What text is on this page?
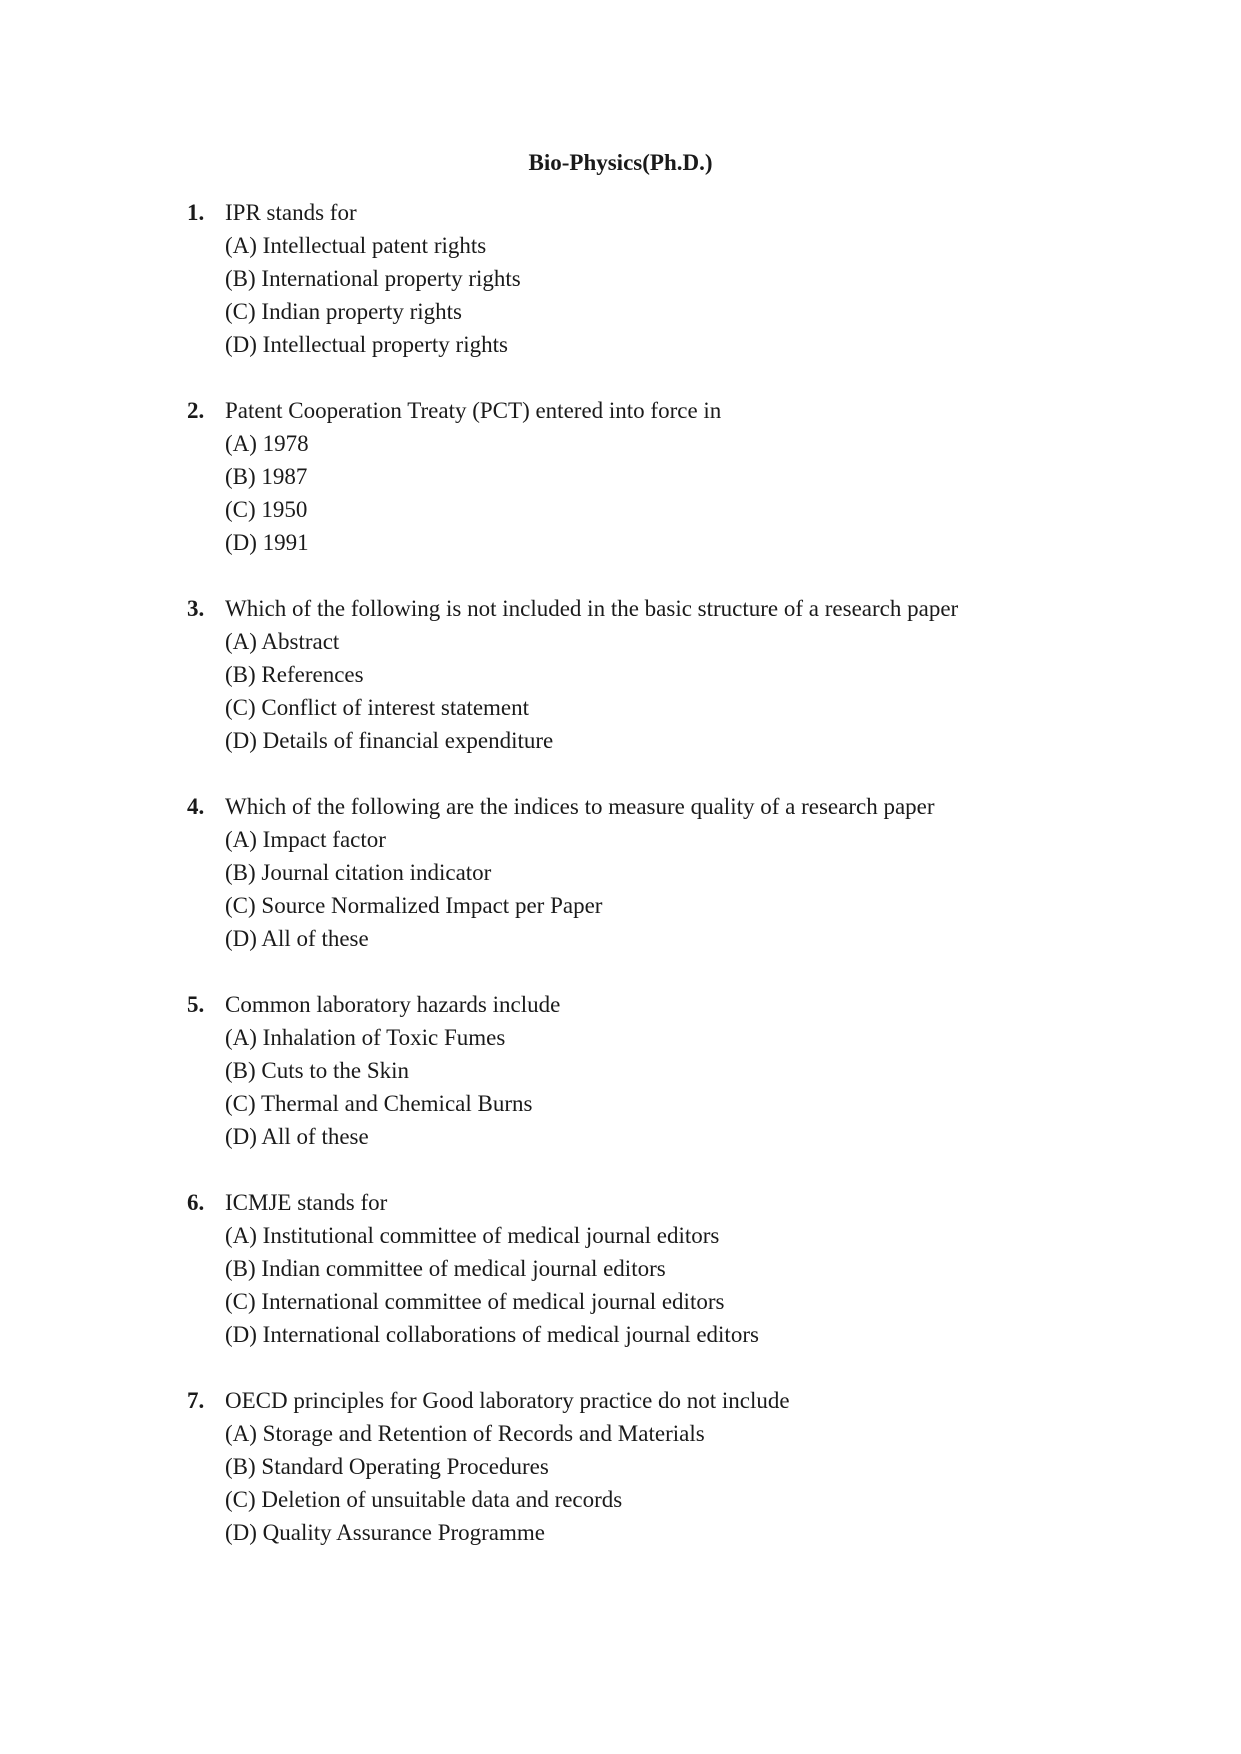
Bio-Physics(Ph.D.)
1. IPR stands for
(A) Intellectual patent rights
(B) International property rights
(C) Indian property rights
(D) Intellectual property rights
2. Patent Cooperation Treaty (PCT) entered into force in
(A) 1978
(B) 1987
(C) 1950
(D) 1991
3. Which of the following is not included in the basic structure of a research paper
(A) Abstract
(B) References
(C) Conflict of interest statement
(D) Details of financial expenditure
4. Which of the following are the indices to measure quality of a research paper
(A) Impact factor
(B) Journal citation indicator
(C) Source Normalized Impact per Paper
(D) All of these
5. Common laboratory hazards include
(A) Inhalation of Toxic Fumes
(B) Cuts to the Skin
(C) Thermal and Chemical Burns
(D) All of these
6. ICMJE stands for
(A) Institutional committee of medical journal editors
(B) Indian committee of medical journal editors
(C) International committee of medical journal editors
(D) International collaborations of medical journal editors
7. OECD principles for Good laboratory practice do not include
(A) Storage and Retention of Records and Materials
(B) Standard Operating Procedures
(C) Deletion of unsuitable data and records
(D) Quality Assurance Programme
